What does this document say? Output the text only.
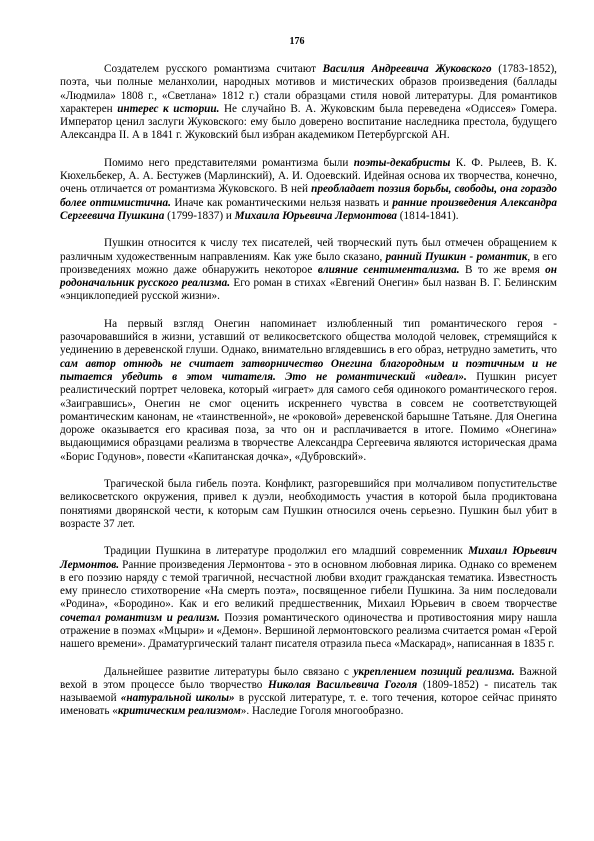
176

Создателем русского романтизма считают Василия Андреевича Жуковского (1783-1852), поэта, чьи полные меланхолии, народных мотивов и мистических образов произведения (баллады «Людмила» 1808 г., «Светлана» 1812 г.) стали образцами стиля новой литературы. Для романтиков характерен интерес к истории. Не случайно В. А. Жуковским была переведена «Одиссея» Гомера. Император ценил заслуги Жуковского: ему было доверено воспитание наследника престола, будущего Александра II. А в 1841 г. Жуковский был избран академиком Петербургской АН.

Помимо него представителями романтизма были поэты-декабристы К. Ф. Рылеев, В. К. Кюхельбекер, А. А. Бестужев (Марлинский), А. И. Одоевский. Идейная основа их творчества, конечно, очень отличается от романтизма Жуковского. В ней преобладает поэзия борьбы, свободы, она гораздо более оптимистична. Иначе как романтическими нельзя назвать и ранние произведения Александра Сергеевича Пушкина (1799-1837) и Михаила Юрьевича Лермонтова (1814-1841).

Пушкин относится к числу тех писателей, чей творческий путь был отмечен обращением к различным художественным направлениям. Как уже было сказано, ранний Пушкин - романтик, в его произведениях можно даже обнаружить некоторое влияние сентиментализма. В то же время он родоначальник русского реализма. Его роман в стихах «Евгений Онегин» был назван В. Г. Белинским «энциклопедией русской жизни».

На первый взгляд Онегин напоминает излюбленный тип романтического героя - разочаровавшийся в жизни, уставший от великосветского общества молодой человек, стремящийся к уединению в деревенской глуши. Однако, внимательно вглядевшись в его образ, нетрудно заметить, что сам автор отнюдь не считает затворничество Онегина благородным и поэтичным и не пытается убедить в этом читателя. Это не романтический «идеал». Пушкин рисует реалистический портрет человека, который «играет» для самого себя одинокого романтического героя. «Заигравшись», Онегин не смог оценить искреннего чувства в совсем не соответствующей романтическим канонам, не «таинственной», не «роковой» деревенской барышне Татьяне. Для Онегина дороже оказывается его красивая поза, за что он и расплачивается в итоге. Помимо «Онегина» выдающимися образцами реализма в творчестве Александра Сергеевича являются историческая драма «Борис Годунов», повести «Капитанская дочка», «Дубровский».

Трагической была гибель поэта. Конфликт, разгоревшийся при молчаливом попустительстве великосветского окружения, привел к дуэли, необходимость участия в которой была продиктована понятиями дворянской чести, к которым сам Пушкин относился очень серьезно. Пушкин был убит в возрасте 37 лет.

Традиции Пушкина в литературе продолжил его младший современник Михаил Юрьевич Лермонтов. Ранние произведения Лермонтова - это в основном любовная лирика. Однако со временем в его поэзию наряду с темой трагичной, несчастной любви входит гражданская тематика. Известность ему принесло стихотворение «На смерть поэта», посвященное гибели Пушкина. За ним последовали «Родина», «Бородино». Как и его великий предшественник, Михаил Юрьевич в своем творчестве сочетал романтизм и реализм. Поэзия романтического одиночества и противостояния миру нашла отражение в поэмах «Мцыри» и «Демон». Вершиной лермонтовского реализма считается роман «Герой нашего времени». Драматургический талант писателя отразила пьеса «Маскарад», написанная в 1835 г.

Дальнейшее развитие литературы было связано с укреплением позиций реализма. Важной вехой в этом процессе было творчество Николая Васильевича Гоголя (1809-1852) - писатель так называемой «натуральной школы» в русской литературе, т. е. того течения, которое сейчас принято именовать «критическим реализмом». Наследие Гоголя многообразно.
